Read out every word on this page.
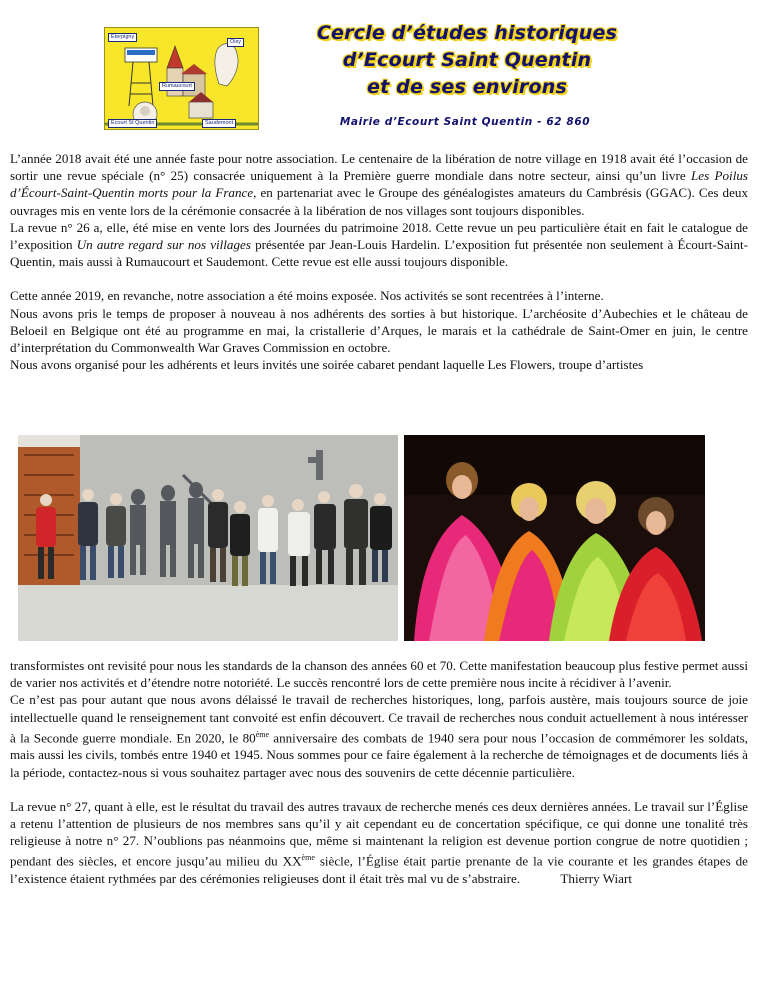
Eterpigny
Rumaucourt
Ecourt St Quentin	Saudemont
Oisy	Cercle d’études historiques
d’Ecourt Saint Quentin
et de ses environs
Mairie d’Ecourt Saint Quentin - 62 860

L’année 2018 avait été une année faste pour notre association. Le centenaire de la libération de notre village en 1918 avait été l’occasion de sortir une revue spéciale (n° 25) consacrée uniquement à la Première guerre mondiale dans notre secteur, ainsi qu’un livre Les Poilus d’Écourt-Saint-Quentin morts pour la France, en partenariat avec le Groupe des généalogistes amateurs du Cambrésis (GGAC). Ces deux ouvrages mis en vente lors de la cérémonie consacrée à la libération de nos villages sont toujours disponibles.

La revue n° 26 a, elle, été mise en vente lors des Journées du patrimoine 2018. Cette revue un peu particulière était en fait le catalogue de l’exposition Un autre regard sur nos villages présentée par Jean-Louis Hardelin. L’exposition fut présentée non seulement à Écourt-Saint-Quentin, mais aussi à Rumaucourt et Saudemont. Cette revue est elle aussi toujours disponible.

Cette année 2019, en revanche, notre association a été moins exposée. Nos activités se sont recentrées à l’interne.

Nous avons pris le temps de proposer à nouveau à nos adhérents des sorties à but historique. L’archéosite d’Aubechies et le château de Beloeil en Belgique ont été au programme en mai, la cristallerie d’Arques, le marais et la cathédrale de Saint-Omer en juin, le centre d’interprétation du Commonwealth War Graves Commission en octobre.

Nous avons organisé pour les adhérents et leurs invités une soirée cabaret pendant laquelle Les Flowers, troupe d’artistes

transformistes ont revisité pour nous les standards de la chanson des années 60 et 70. Cette manifestation beaucoup plus festive permet aussi de varier nos activités et d’étendre notre notoriété. Le succès rencontré lors de cette première nous incite à récidiver à l’avenir.

Ce n’est pas pour autant que nous avons délaissé le travail de recherches historiques, long, parfois austère, mais toujours source de joie intellectuelle quand le renseignement tant convoité est enfin découvert. Ce travail de recherches nous conduit actuellement à nous intéresser à la Seconde guerre mondiale. En 2020, le 80ème anniversaire des combats de 1940 sera pour nous l’occasion de commémorer les soldats, mais aussi les civils, tombés entre 1940 et 1945. Nous sommes pour ce faire également à la recherche de témoignages et de documents liés à la période, contactez-nous si vous souhaitez partager avec nous des souvenirs de cette décennie particulière.

La revue n° 27, quant à elle, est le résultat du travail des autres travaux de recherche menés ces deux dernières années. Le travail sur l’Église a retenu l’attention de plusieurs de nos membres sans qu’il y ait cependant eu de concertation spécifique, ce qui donne une tonalité très religieuse à notre n° 27. N’oublions pas néanmoins que, même si maintenant la religion est devenue portion congrue de notre quotidien ; pendant des siècles, et encore jusqu’au milieu du XXème siècle, l’Église était partie prenante de la vie courante et les grandes étapes de l’existence étaient rythmées par des cérémonies religieuses dont il était très mal vu de s’abstraire.	Thierry Wiart
